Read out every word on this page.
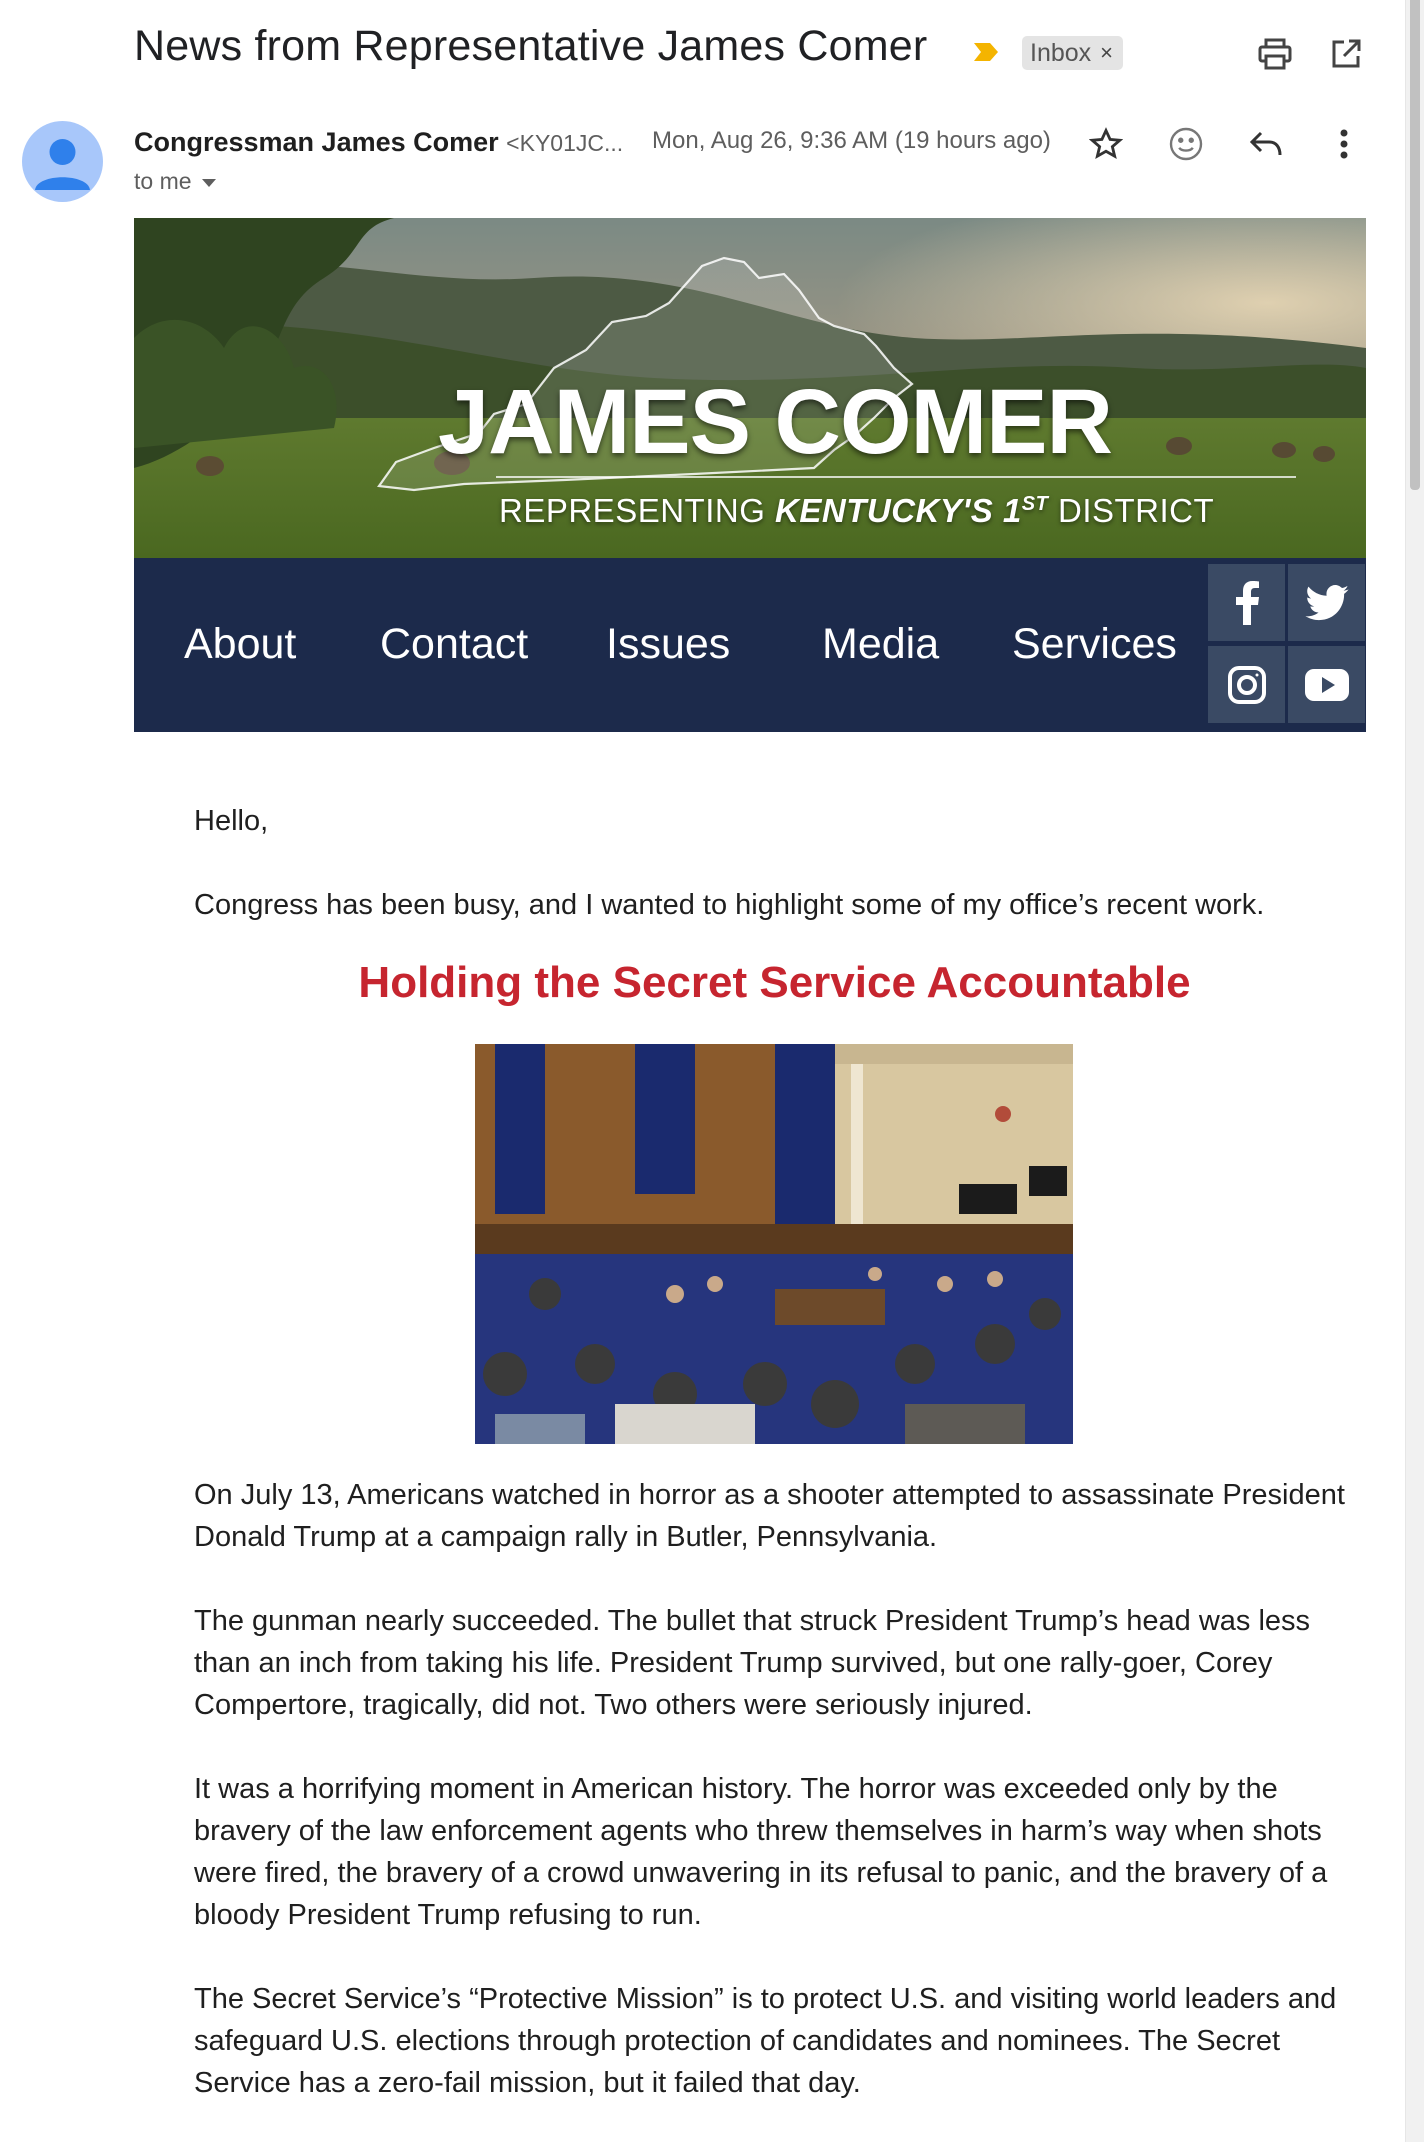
News from Representative James Comer	Inbox ×
Congressman James Comer <KY01JC... Mon, Aug 26, 9:36 AM (19 hours ago)
to me
JAMES COMER
REPRESENTING KENTUCKY'S 1ST DISTRICT
About Contact Issues Media Services
Hello,
Congress has been busy, and I wanted to highlight some of my office’s recent work.
Holding the Secret Service Accountable
On July 13, Americans watched in horror as a shooter attempted to assassinate President Donald Trump at a campaign rally in Butler, Pennsylvania.
The gunman nearly succeeded. The bullet that struck President Trump’s head was less than an inch from taking his life. President Trump survived, but one rally-goer, Corey Compertore, tragically, did not. Two others were seriously injured.
It was a horrifying moment in American history. The horror was exceeded only by the bravery of the law enforcement agents who threw themselves in harm’s way when shots were fired, the bravery of a crowd unwavering in its refusal to panic, and the bravery of a bloody President Trump refusing to run.
The Secret Service’s “Protective Mission” is to protect U.S. and visiting world leaders and safeguard U.S. elections through protection of candidates and nominees. The Secret Service has a zero-fail mission, but it failed that day.
